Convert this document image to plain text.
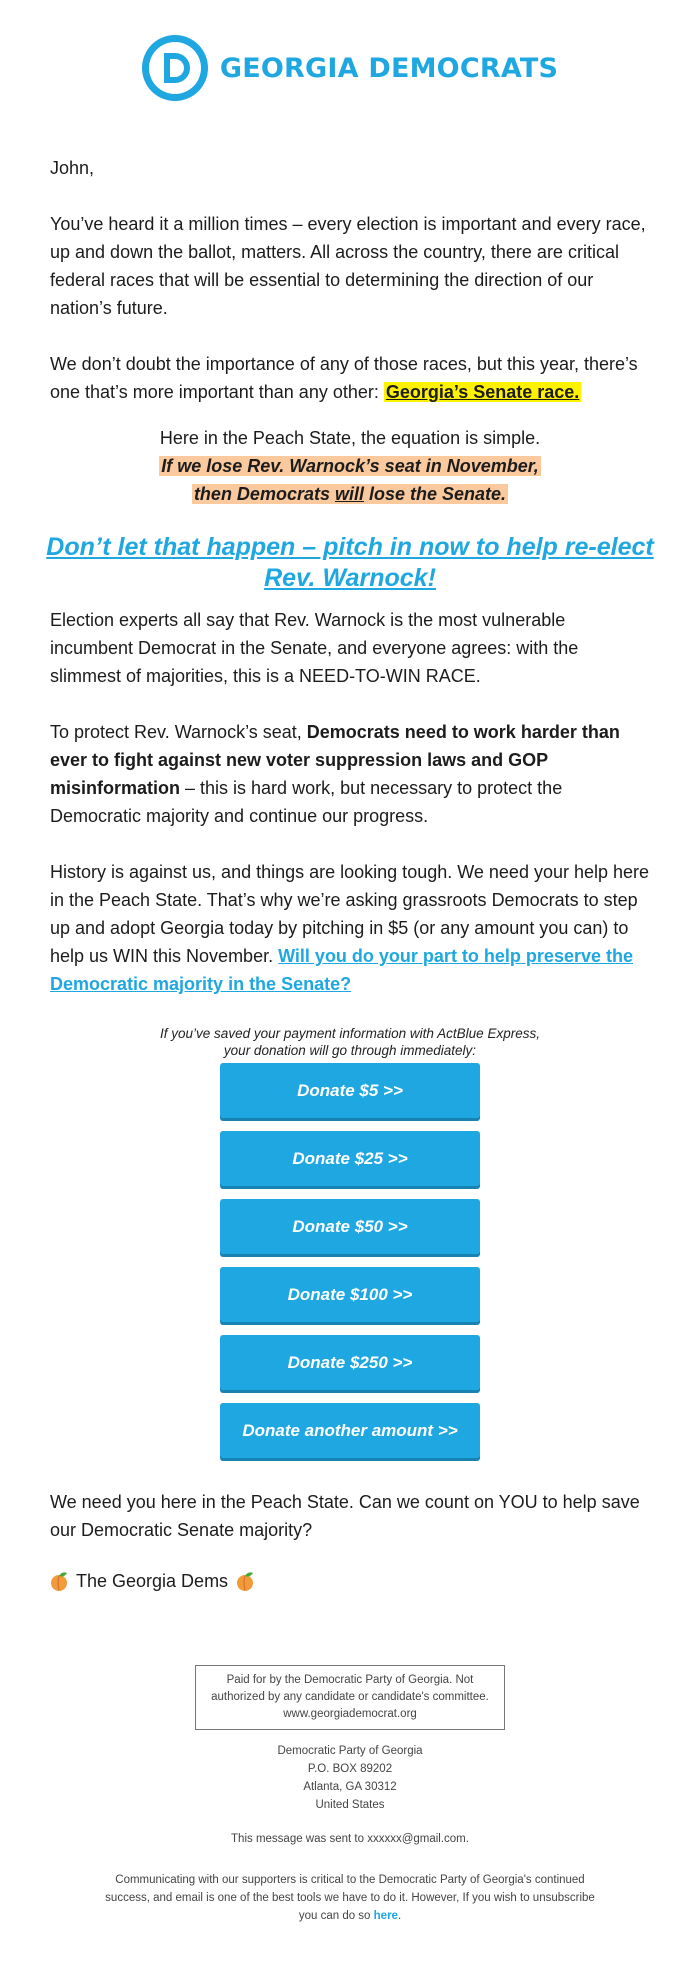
GEORGIA DEMOCRATS

John,

You’ve heard it a million times – every election is important and every race, up and down the ballot, matters. All across the country, there are critical federal races that will be essential to determining the direction of our nation’s future.

We don’t doubt the importance of any of those races, but this year, there’s one that’s more important than any other: Georgia’s Senate race.

Here in the Peach State, the equation is simple.

If we lose Rev. Warnock’s seat in November,

then Democrats will lose the Senate.

Don’t let that happen – pitch in now to help re-elect Rev. Warnock!

Election experts all say that Rev. Warnock is the most vulnerable incumbent Democrat in the Senate, and everyone agrees: with the slimmest of majorities, this is a NEED-TO-WIN RACE.

To protect Rev. Warnock’s seat, Democrats need to work harder than ever to fight against new voter suppression laws and GOP misinformation – this is hard work, but necessary to protect the Democratic majority and continue our progress.

History is against us, and things are looking tough. We need your help here in the Peach State. That’s why we’re asking grassroots Democrats to step up and adopt Georgia today by pitching in $5 (or any amount you can) to help us WIN this November. Will you do your part to help preserve the Democratic majority in the Senate?

If you’ve saved your payment information with ActBlue Express,
your donation will go through immediately:
Donate $5 >>
Donate $25 >>
Donate $50 >>
Donate $100 >>
Donate $250 >>
Donate another amount >>

We need you here in the Peach State. Can we count on YOU to help save our Democratic Senate majority?

The Georgia Dems
Paid for by the Democratic Party of Georgia. Not authorized by any candidate or candidate's committee.
www.georgiademocrat.org
Democratic Party of Georgia
P.O. BOX 89202
Atlanta, GA 30312
United States
This message was sent to xxxxxx@gmail.com.
Communicating with our supporters is critical to the Democratic Party of Georgia's continued success, and email is one of the best tools we have to do it. However, If you wish to unsubscribe you can do so here.
